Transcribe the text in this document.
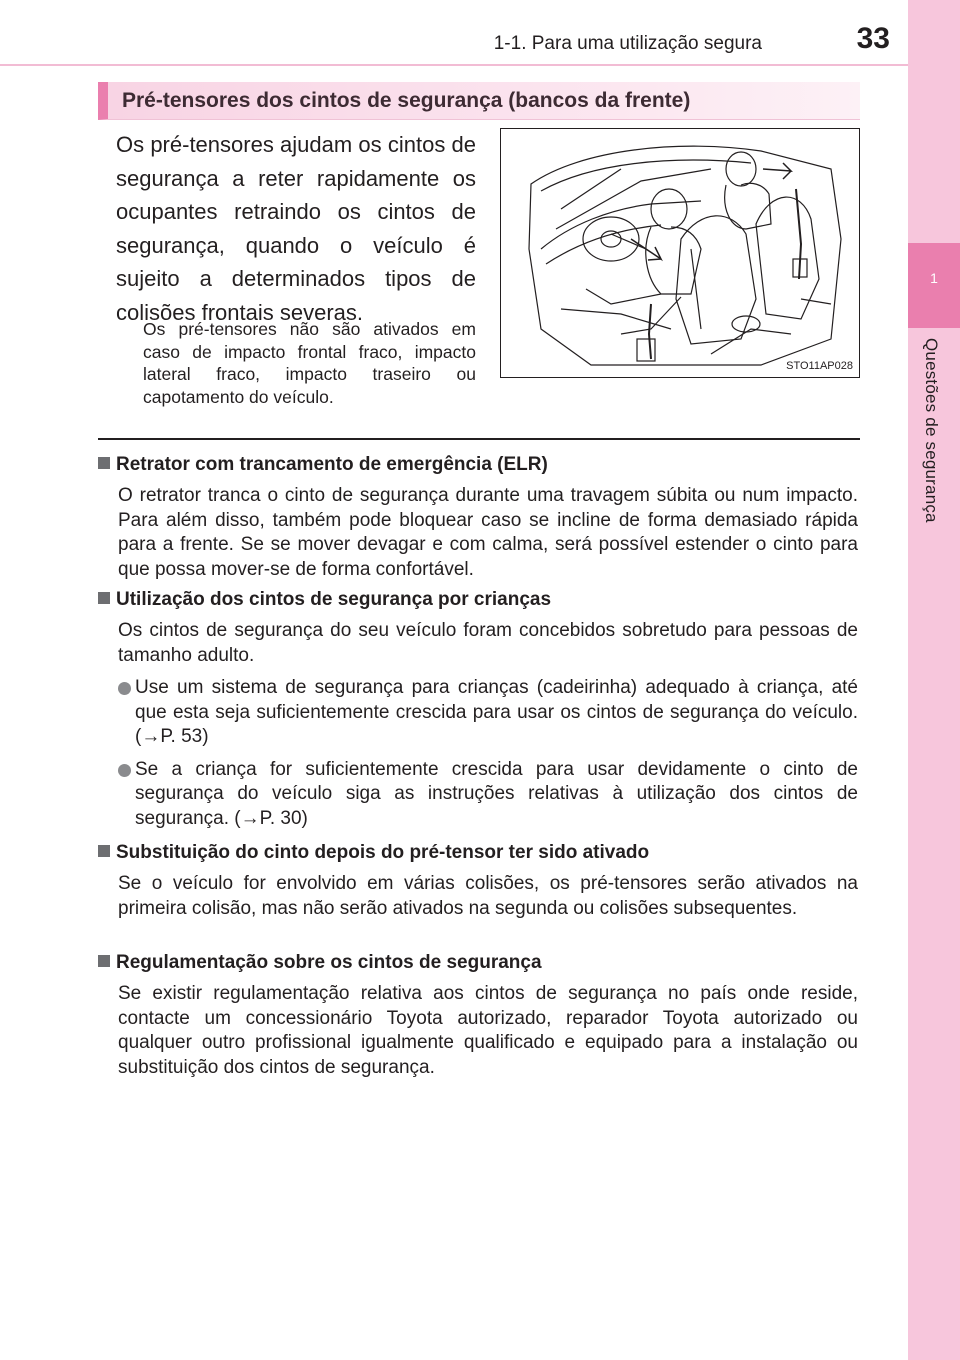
1-1. Para uma utilização segura	33
1
Questões de segurança
Pré-tensores dos cintos de segurança (bancos da frente)
Os pré-tensores ajudam os cintos de segurança a reter rapidamente os ocupantes retraindo os cintos de segurança, quando o veículo é sujeito a determinados tipos de colisões frontais severas.
Os pré-tensores não são ativados em caso de impacto frontal fraco, impacto lateral fraco, impacto traseiro ou capotamento do veículo.
STO11AP028
Retrator com trancamento de emergência (ELR)
O retrator tranca o cinto de segurança durante uma travagem súbita ou num impacto. Para além disso, também pode bloquear caso se incline de forma demasiado rápida para a frente. Se se mover devagar e com calma, será possível estender o cinto para que possa mover-se de forma confortável.
Utilização dos cintos de segurança por crianças
Os cintos de segurança do seu veículo foram concebidos sobretudo para pessoas de tamanho adulto.
Use um sistema de segurança para crianças (cadeirinha) adequado à criança, até que esta seja suficientemente crescida para usar os cintos de segurança do veículo. (→P. 53)
Se a criança for suficientemente crescida para usar devidamente o cinto de segurança do veículo siga as instruções relativas à utilização dos cintos de segurança. (→P. 30)
Substituição do cinto depois do pré-tensor ter sido ativado
Se o veículo for envolvido em várias colisões, os pré-tensores serão ativados na primeira colisão, mas não serão ativados na segunda ou colisões subsequentes.
Regulamentação sobre os cintos de segurança
Se existir regulamentação relativa aos cintos de segurança no país onde reside, contacte um concessionário Toyota autorizado, reparador Toyota autorizado ou qualquer outro profissional igualmente qualificado e equipado para a instalação ou substituição dos cintos de segurança.
